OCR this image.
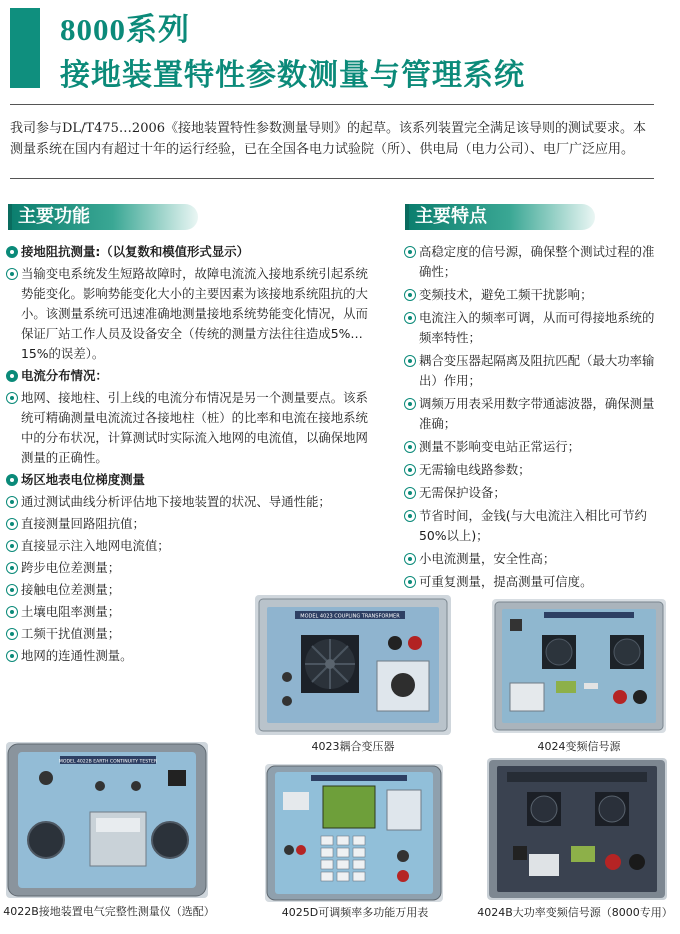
8000系列
接地装置特性参数测量与管理系统
我司参与DL/T475…2006《接地装置特性参数测量导则》的起草。该系列装置完全满足该导则的测试要求。本测量系统在国内有超过十年的运行经验，已在全国各电力试验院（所）、供电局（电力公司）、电厂广泛应用。
主要功能	主要特点
接地阻抗测量:（以复数和模值形式显示）
当输变电系统发生短路故障时，故障电流流入接地系统引起系统势能变化。影响势能变化大小的主要因素为该接地系统阻抗的大小。该测量系统可迅速准确地测量接地系统势能变化情况，从而保证厂站工作人员及设备安全（传统的测量方法往往造成5%…15%的误差）。
电流分布情况：
地网、接地柱、引上线的电流分布情况是另一个测量要点。该系统可精确测量电流流过各接地柱（桩）的比率和电流在接地系统中的分布状况，计算测试时实际流入地网的电流值，以确保地网测量的正确性。
场区地表电位梯度测量
通过测试曲线分析评估地下接地装置的状况、导通性能；
直接测量回路阻抗值；
直接显示注入地网电流值；
跨步电位差测量；
接触电位差测量；
土壤电阻率测量；
工频干扰值测量；
地网的连通性测量。
高稳定度的信号源，确保整个测试过程的准确性；
变频技术，避免工频干扰影响；
电流注入的频率可调，从而可得接地系统的频率特性；
耦合变压器起隔离及阻抗匹配（最大功率输出）作用；
调频万用表采用数字带通滤波器，确保测量准确；
测量不影响变电站正常运行；
无需输电线路参数；
无需保护设备；
节省时间，金钱(与大电流注入相比可节约50%以上)；
小电流测量，安全性高；
可重复测量，提高测量可信度。
MODEL 4023 COUPLING TRANSFORMER
4023耦合变压器	4024变频信号源
MODEL 4022B EARTH CONTINUITY TESTER
4022B接地装置电气完整性测量仪（选配）	4025D可调频率多功能万用表	4024B大功率变频信号源（8000专用）
